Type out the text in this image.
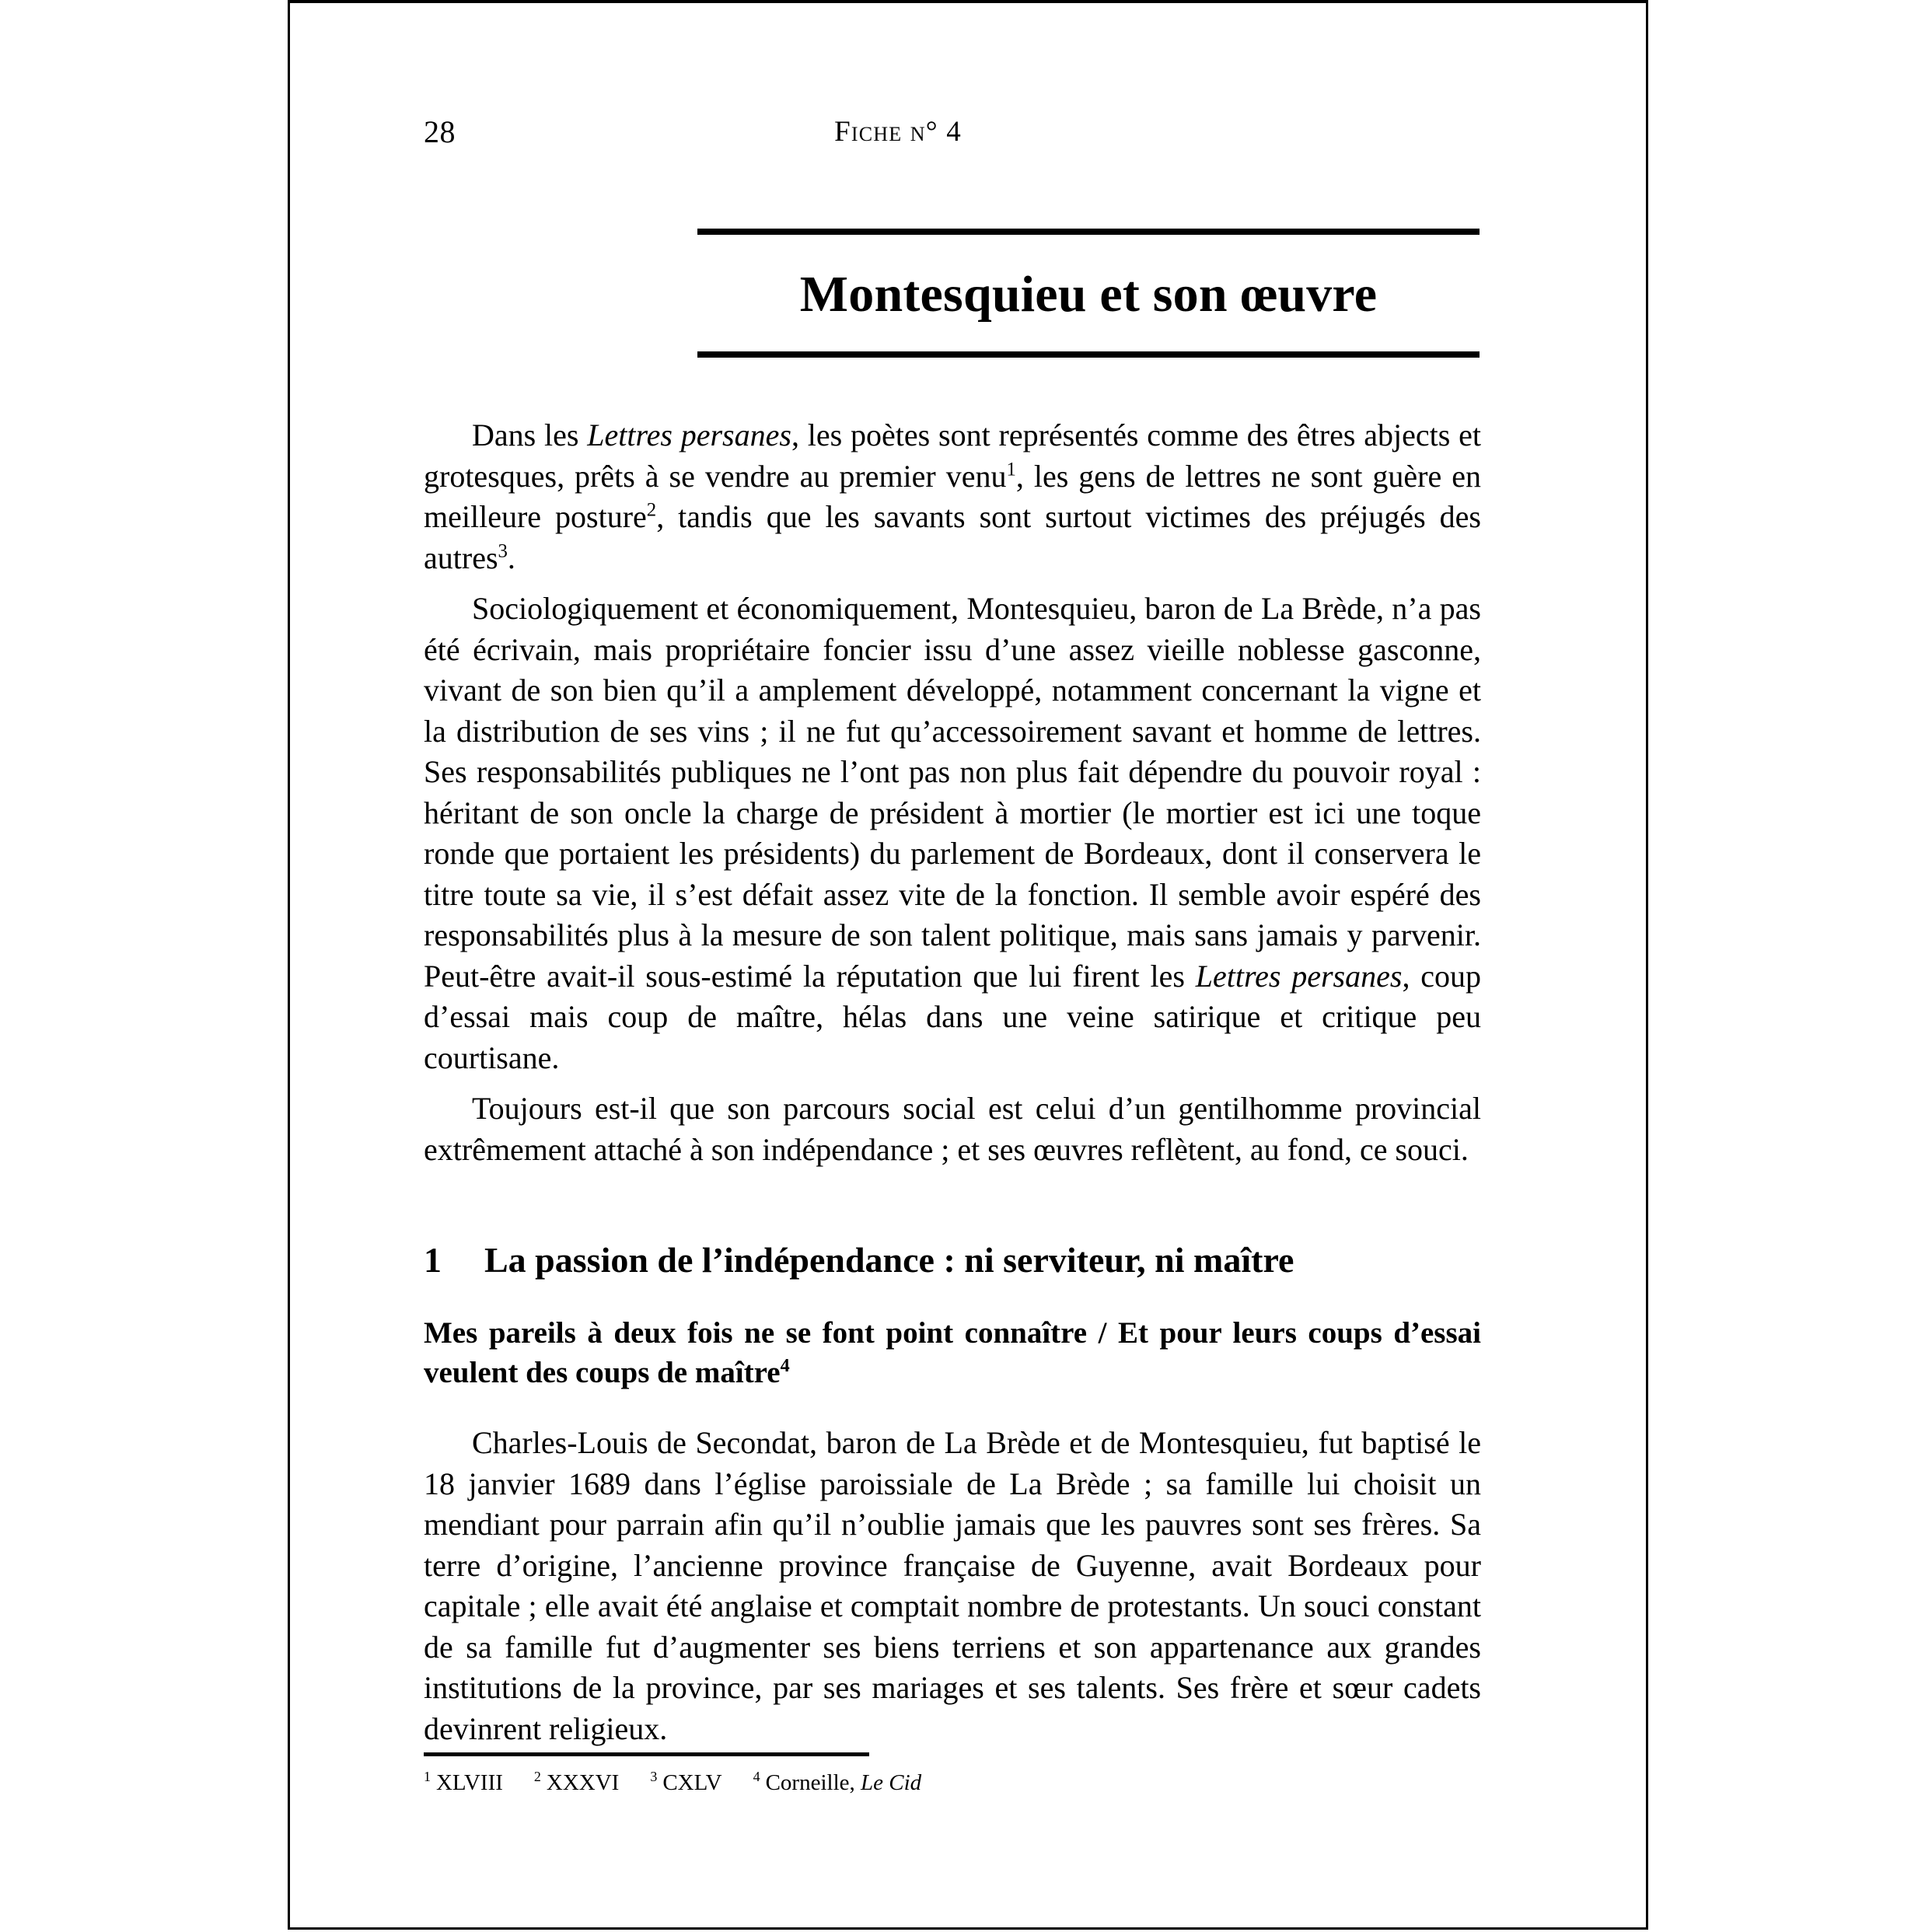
28	Fiche n° 4
Montesquieu et son œuvre

Dans les Lettres persanes, les poètes sont représentés comme des êtres abjects et grotesques, prêts à se vendre au premier venu$^1$, les gens de lettres ne sont guère en meilleure posture$^2$, tandis que les savants sont surtout victimes des préjugés des autres$^3$.

Sociologiquement et économiquement, Montesquieu, baron de La Brède, n’a pas été écrivain, mais propriétaire foncier issu d’une assez vieille noblesse gasconne, vivant de son bien qu’il a amplement développé, notamment concernant la vigne et la distribution de ses vins ; il ne fut qu’accessoirement savant et homme de lettres. Ses responsabilités publiques ne l’ont pas non plus fait dépendre du pouvoir royal : héritant de son oncle la charge de président à mortier (le mortier est ici une toque ronde que portaient les présidents) du parlement de Bordeaux, dont il conservera le titre toute sa vie, il s’est défait assez vite de la fonction. Il semble avoir espéré des responsabilités plus à la mesure de son talent politique, mais sans jamais y parvenir. Peut-être avait-il sous-estimé la réputation que lui firent les Lettres persanes, coup d’essai mais coup de maître, hélas dans une veine satirique et critique peu courtisane.

Toujours est-il que son parcours social est celui d’un gentilhomme provincial extrêmement attaché à son indépendance ; et ses œuvres reflètent, au fond, ce souci.

1	La passion de l’indépendance : ni serviteur, ni maître

Mes pareils à deux fois ne se font point connaître / Et pour leurs coups d’essai veulent des coups de maître$^4$

Charles-Louis de Secondat, baron de La Brède et de Montesquieu, fut baptisé le 18 janvier 1689 dans l’église paroissiale de La Brède ; sa famille lui choisit un mendiant pour parrain afin qu’il n’oublie jamais que les pauvres sont ses frères. Sa terre d’origine, l’ancienne province française de Guyenne, avait Bordeaux pour capitale ; elle avait été anglaise et comptait nombre de protestants. Un souci constant de sa famille fut d’augmenter ses biens terriens et son appartenance aux grandes institutions de la province, par ses mariages et ses talents. Ses frère et sœur cadets devinrent religieux.

$^1$ XLVIII $^2$ XXXVI $^3$ CXLV $^4$ Corneille, Le Cid
